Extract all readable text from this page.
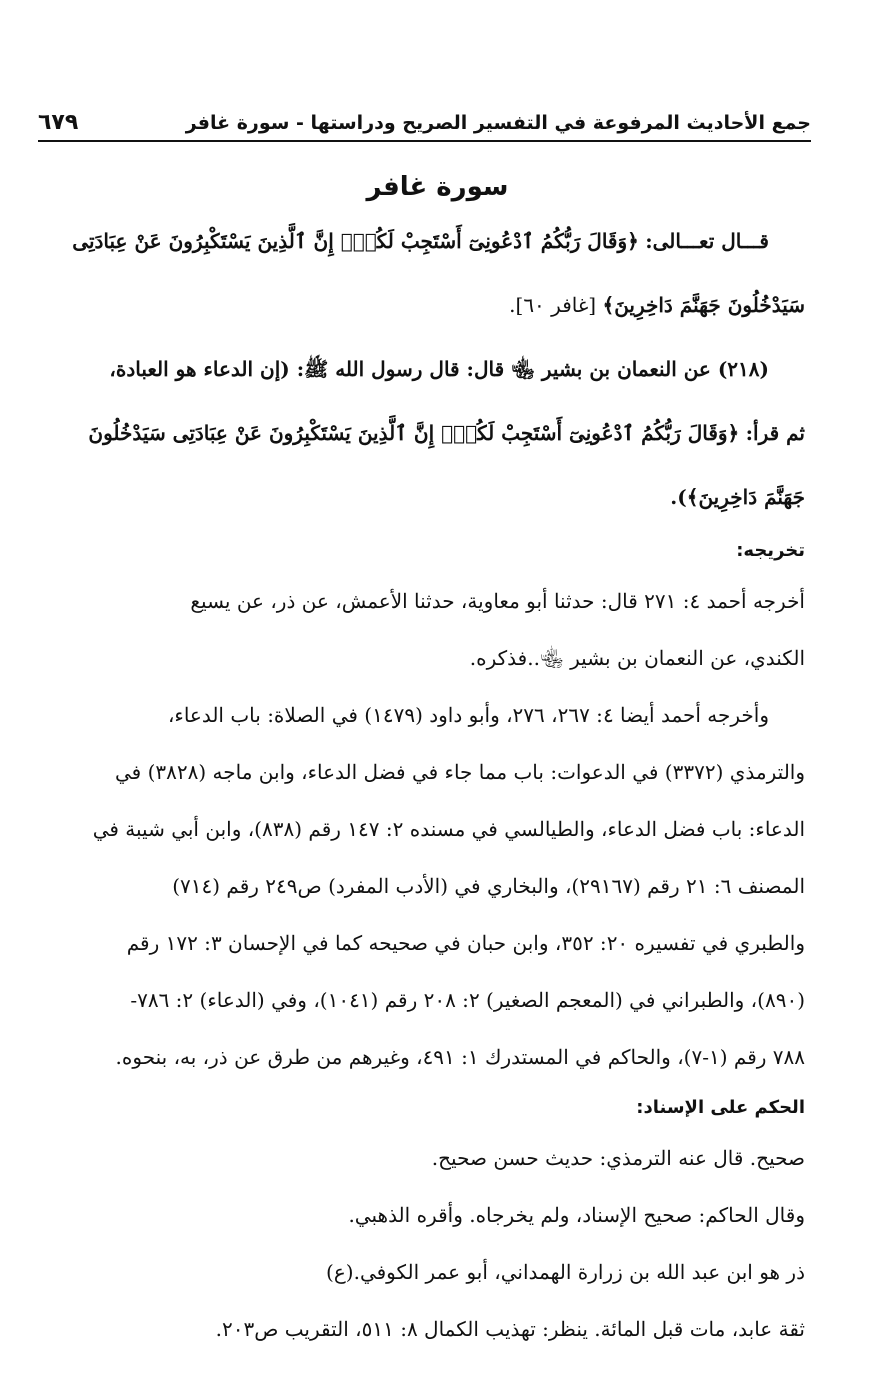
جمع الأحاديث المرفوعة في التفسير الصريح ودراستها - سورة غافر
٦٧٩

سورة غافر

قـــال تعـــالى: ﴿وَقَالَ رَبُّكُمُ ٱدْعُونِىٓ أَسْتَجِبْ لَكُمْۚ إِنَّ ٱلَّذِينَ يَسْتَكْبِرُونَ عَنْ عِبَادَتِى

سَيَدْخُلُونَ جَهَنَّمَ دَاخِرِينَ﴾ [غافر ٦٠].

(٢١٨) عن النعمان بن بشير ﵄ قال: قال رسول الله ﷺ: (إن الدعاء هو العبادة،

ثم قرأ: ﴿وَقَالَ رَبُّكُمُ ٱدْعُونِىٓ أَسْتَجِبْ لَكُمْۚ إِنَّ ٱلَّذِينَ يَسْتَكْبِرُونَ عَنْ عِبَادَتِى سَيَدْخُلُونَ

جَهَنَّمَ دَاخِرِينَ﴾).

تخريجه:

أخرجه أحمد ٤: ٢٧١ قال: حدثنا أبو معاوية، حدثنا الأعمش، عن ذر، عن يسيع

الكندي، عن النعمان بن بشير ﵄..فذكره.

وأخرجه أحمد أيضا ٤: ٢٦٧، ٢٧٦، وأبو داود (١٤٧٩) في الصلاة: باب الدعاء،

والترمذي (٣٣٧٢) في الدعوات: باب مما جاء في فضل الدعاء، وابن ماجه (٣٨٢٨) في

الدعاء: باب فضل الدعاء، والطيالسي في مسنده ٢: ١٤٧ رقم (٨٣٨)، وابن أبي شيبة في

المصنف ٦: ٢١ رقم (٢٩١٦٧)، والبخاري في (الأدب المفرد) ص٢٤٩ رقم (٧١٤)

والطبري في تفسيره ٢٠: ٣٥٢، وابن حبان في صحيحه كما في الإحسان ٣: ١٧٢ رقم

(٨٩٠)، والطبراني في (المعجم الصغير) ٢: ٢٠٨ رقم (١٠٤١)، وفي (الدعاء) ٢: ٧٨٦-

٧٨٨ رقم (١-٧)، والحاكم في المستدرك ١: ٤٩١، وغيرهم من طرق عن ذر، به، بنحوه.

الحكم على الإسناد:

صحيح. قال عنه الترمذي: حديث حسن صحيح.

وقال الحاكم: صحيح الإسناد، ولم يخرجاه. وأقره الذهبي.

ذر هو ابن عبد الله بن زرارة الهمداني، أبو عمر الكوفي.(ع)

ثقة عابد، مات قبل المائة. ينظر: تهذيب الكمال ٨: ٥١١، التقريب ص٢٠٣.
